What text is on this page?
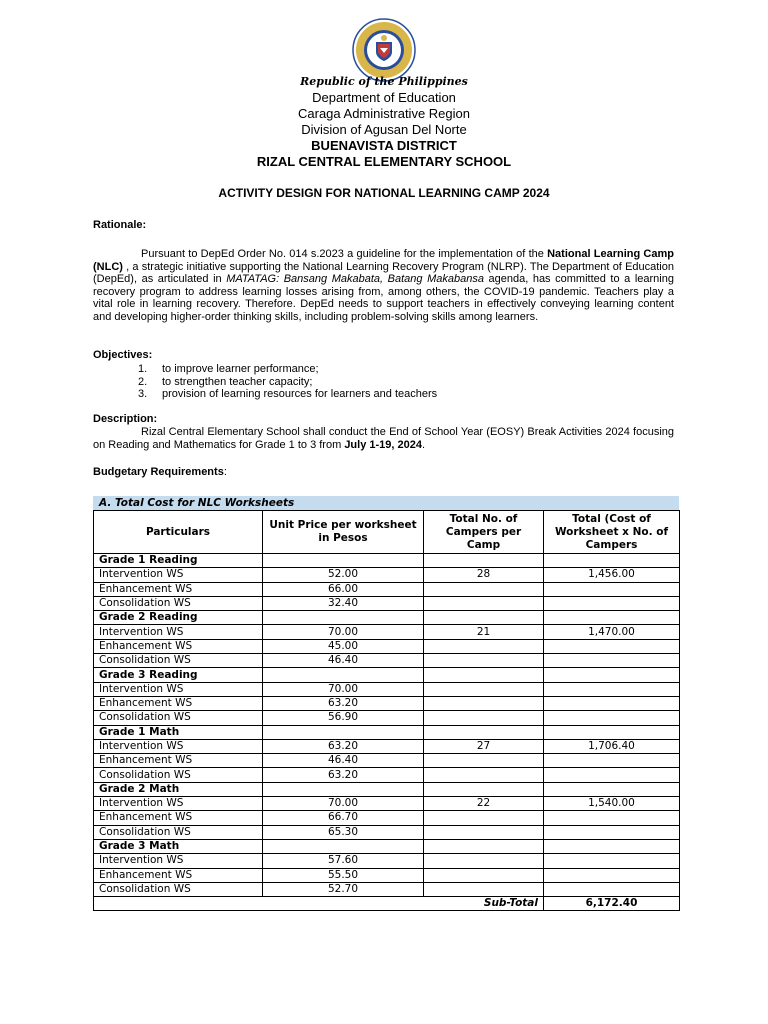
Republic of the Philippines
Department of Education
Caraga Administrative Region
Division of Agusan Del Norte
BUENAVISTA DISTRICT
RIZAL CENTRAL ELEMENTARY SCHOOL
ACTIVITY DESIGN FOR NATIONAL LEARNING CAMP 2024
Rationale:
Pursuant to DepEd Order No. 014 s.2023 a guideline for the implementation of the National Learning Camp (NLC) , a strategic initiative supporting the National Learning Recovery Program (NLRP). The Department of Education (DepEd), as articulated in MATATAG: Bansang Makabata, Batang Makabansa agenda, has committed to a learning recovery program to address learning losses arising from, among others, the COVID-19 pandemic. Teachers play a vital role in learning recovery. Therefore. DepEd needs to support teachers in effectively conveying learning content and developing higher-order thinking skills, including problem-solving skills among learners.
Objectives:
1. to improve learner performance;
2. to strengthen teacher capacity;
3. provision of learning resources for learners and teachers
Description:
Rizal Central Elementary School shall conduct the End of School Year (EOSY) Break Activities 2024 focusing on Reading and Mathematics for Grade 1 to 3 from July 1-19, 2024.
Budgetary Requirements:
A. Total Cost for NLC Worksheets
Particulars	Unit Price per worksheet in Pesos	Total No. of Campers per Camp	Total (Cost of Worksheet x No. of Campers
Grade 1 Reading			
Intervention WS	52.00	28	1,456.00
Enhancement WS	66.00		
Consolidation WS	32.40		
Grade 2 Reading			
Intervention WS	70.00	21	1,470.00
Enhancement WS	45.00		
Consolidation WS	46.40		
Grade 3 Reading			
Intervention WS	70.00		
Enhancement WS	63.20		
Consolidation WS	56.90		
Grade 1 Math			
Intervention WS	63.20	27	1,706.40
Enhancement WS	46.40		
Consolidation WS	63.20		
Grade 2 Math			
Intervention WS	70.00	22	1,540.00
Enhancement WS	66.70		
Consolidation WS	65.30		
Grade 3 Math			
Intervention WS	57.60		
Enhancement WS	55.50		
Consolidation WS	52.70		
Sub-Total			6,172.40
